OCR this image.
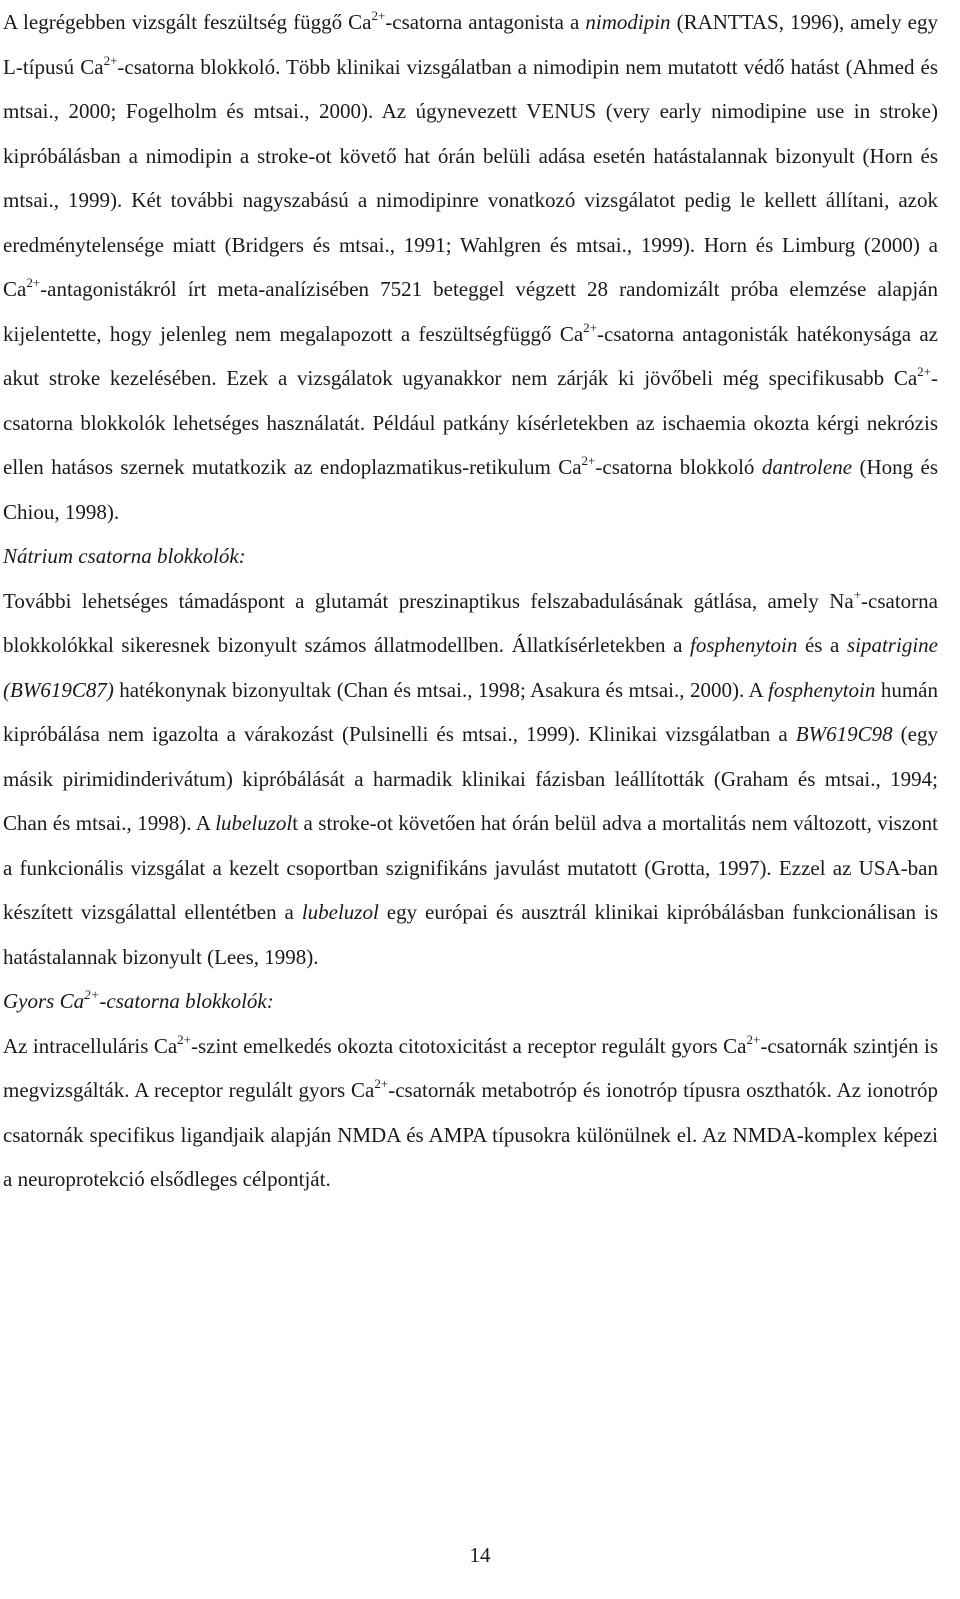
A legrégebben vizsgált feszültség függő $Ca^{2+}$-csatorna antagonista a nimodipin (RANTTAS, 1996), amely egy L-típusú $Ca^{2+}$-csatorna blokkoló. Több klinikai vizsgálatban a nimodipin nem mutatott védő hatást (Ahmed és mtsai., 2000; Fogelholm és mtsai., 2000). Az úgynevezett VENUS (very early nimodipine use in stroke) kipróbálásban a nimodipin a stroke-ot követő hat órán belüli adása esetén hatástalannak bizonyult (Horn és mtsai., 1999). Két további nagyszabású a nimodipinre vonatkozó vizsgálatot pedig le kellett állítani, azok eredménytelensége miatt (Bridgers és mtsai., 1991; Wahlgren és mtsai., 1999). Horn és Limburg (2000) a $Ca^{2+}$-antagonistákról írt meta-analízisében 7521 beteggel végzett 28 randomizált próba elemzése alapján kijelentette, hogy jelenleg nem megalapozott a feszültségfüggő $Ca^{2+}$-csatorna antagonisták hatékonysága az akut stroke kezelésében. Ezek a vizsgálatok ugyanakkor nem zárják ki jövőbeli még specifikusabb $Ca^{2+}$-csatorna blokkolók lehetséges használatát. Például patkány kísérletekben az ischaemia okozta kérgi nekrózis ellen hatásos szernek mutatkozik az endoplazmatikus-retikulum $Ca^{2+}$-csatorna blokkoló dantrolene (Hong és Chiou, 1998).

Nátrium csatorna blokkolók:

További lehetséges támadáspont a glutamát preszinaptikus felszabadulásának gátlása, amely Na+-csatorna blokkolókkal sikeresnek bizonyult számos állatmodellben. Állatkísérletekben a fosphenytoin és a sipatrigine (BW619C87) hatékonynak bizonyultak (Chan és mtsai., 1998; Asakura és mtsai., 2000). A fosphenytoin humán kipróbálása nem igazolta a várakozást (Pulsinelli és mtsai., 1999). Klinikai vizsgálatban a BW619C98 (egy másik pirimidinderivátum) kipróbálását a harmadik klinikai fázisban leállították (Graham és mtsai., 1994; Chan és mtsai., 1998). A lubeluzolt a stroke-ot követően hat órán belül adva a mortalitás nem változott, viszont a funkcionális vizsgálat a kezelt csoportban szignifikáns javulást mutatott (Grotta, 1997). Ezzel az USA-ban készített vizsgálattal ellentétben a lubeluzol egy európai és ausztrál klinikai kipróbálásban funkcionálisan is hatástalannak bizonyult (Lees, 1998).

Gyors $Ca^{2+}$-csatorna blokkolók:

Az intracelluláris $Ca^{2+}$-szint emelkedés okozta citotoxicitást a receptor regulált gyors $Ca^{2+}$-csatornák szintjén is megvizsgálták. A receptor regulált gyors $Ca^{2+}$-csatornák metabotróp és ionotróp típusra oszthatók. Az ionotróp csatornák specifikus ligandjaik alapján NMDA és AMPA típusokra különülnek el. Az NMDA-komplex képezi a neuroprotekció elsődleges célpontját.

14
